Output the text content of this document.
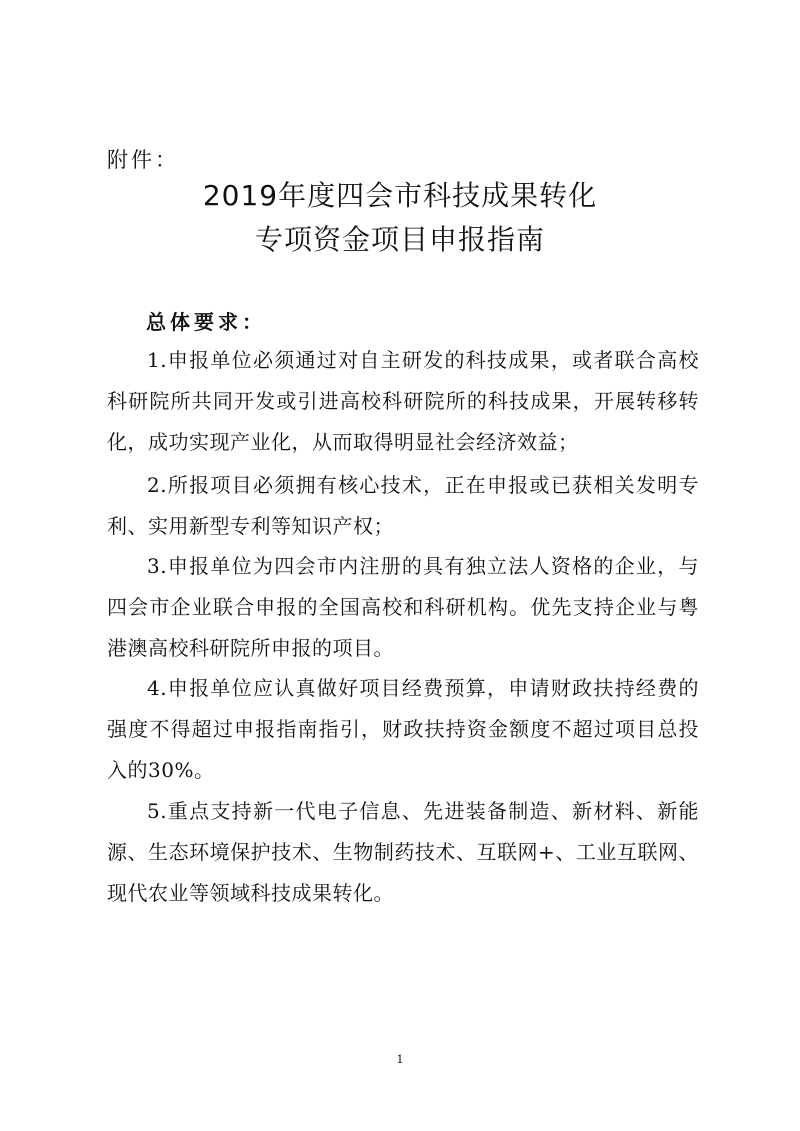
附件：
2019年度四会市科技成果转化
专项资金项目申报指南
总体要求：

1.申报单位必须通过对自主研发的科技成果，或者联合高校科研院所共同开发或引进高校科研院所的科技成果，开展转移转化，成功实现产业化，从而取得明显社会经济效益；

2.所报项目必须拥有核心技术，正在申报或已获相关发明专利、实用新型专利等知识产权；

3.申报单位为四会市内注册的具有独立法人资格的企业，与四会市企业联合申报的全国高校和科研机构。优先支持企业与粤港澳高校科研院所申报的项目。

4.申报单位应认真做好项目经费预算，申请财政扶持经费的强度不得超过申报指南指引，财政扶持资金额度不超过项目总投入的30%。

5.重点支持新一代电子信息、先进装备制造、新材料、新能源、生态环境保护技术、生物制药技术、互联网+、工业互联网、现代农业等领域科技成果转化。

1
